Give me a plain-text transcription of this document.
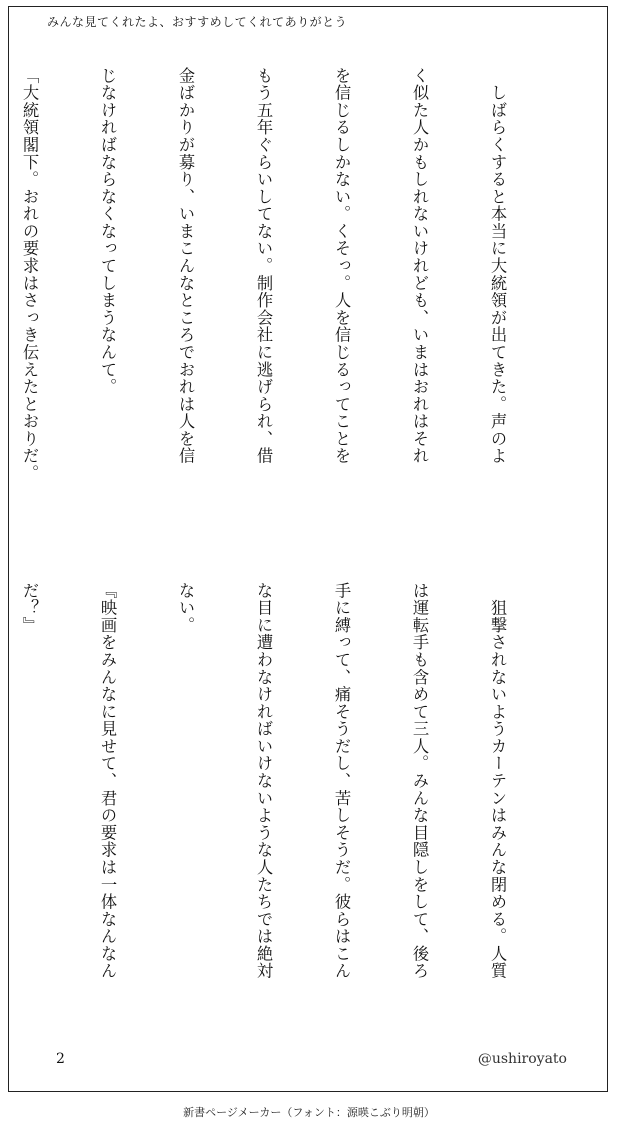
みんな見てくれたよ、おすすめしてくれてありがとう

　しばらくすると本当に大統領が出てきた。声のよ

く似た人かもしれないけれども、いまはおれはそれ

を信じるしかない。くそっ。人を信じるってことを

もう五年ぐらいしてない。制作会社に逃げられ、借

金ばかりが募り、いまこんなところでおれは人を信

じなければならなくなってしまうなんて。

「大統領閣下。おれの要求はさっき伝えたとおりだ。

　狙撃されないようカーテンはみんな閉める。人質

は運転手も含めて三人。みんな目隠しをして、後ろ

手に縛って、痛そうだし、苦しそうだ。彼らはこん

な目に遭わなければいけないような人たちでは絶対

ない。

『映画をみんなに見せて、君の要求は一体なんなん

だ？』

2	@ushiroyato
新書ページメーカー（フォント：源暎こぶり明朝）
